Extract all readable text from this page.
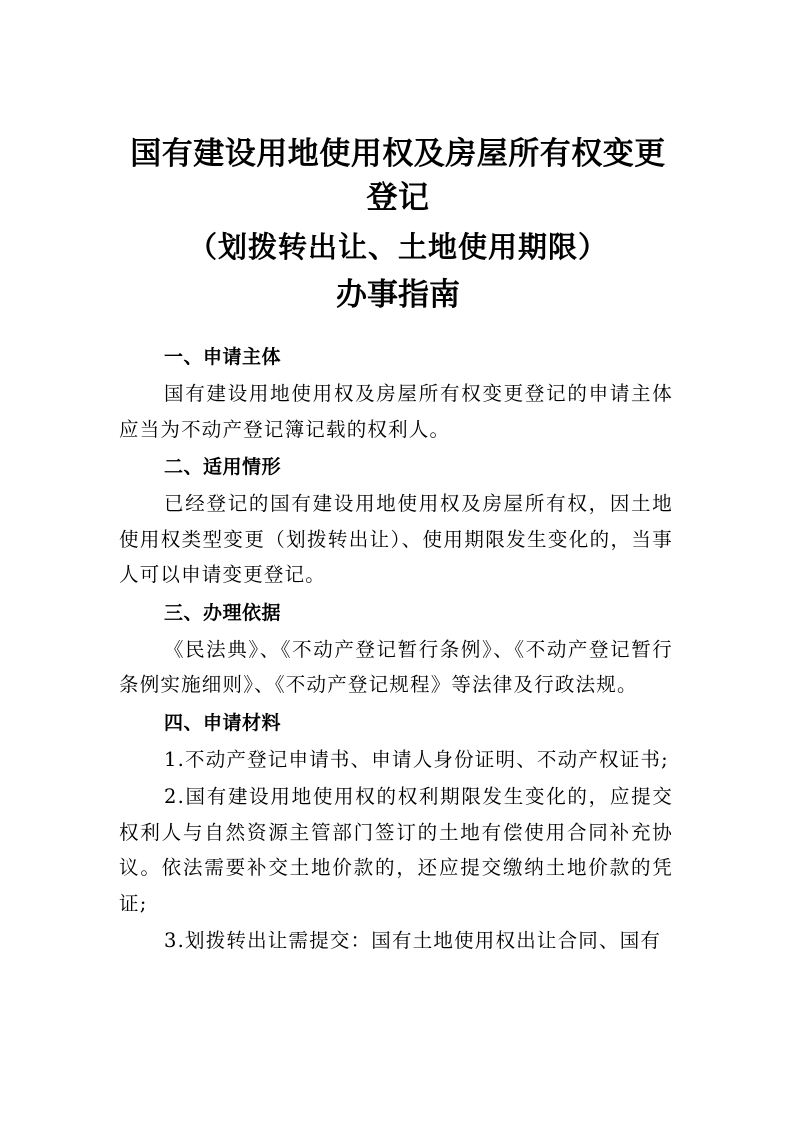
国有建设用地使用权及房屋所有权变更登记
（划拨转出让、土地使用期限）
办事指南
一、申请主体

国有建设用地使用权及房屋所有权变更登记的申请主体应当为不动产登记簿记载的权利人。

二、适用情形

已经登记的国有建设用地使用权及房屋所有权，因土地使用权类型变更（划拨转出让）、使用期限发生变化的，当事人可以申请变更登记。

三、办理依据

《民法典》、《不动产登记暂行条例》、《不动产登记暂行条例实施细则》、《不动产登记规程》等法律及行政法规。

四、申请材料

1.不动产登记申请书、申请人身份证明、不动产权证书;

2.国有建设用地使用权的权利期限发生变化的，应提交权利人与自然资源主管部门签订的土地有偿使用合同补充协议。依法需要补交土地价款的，还应提交缴纳土地价款的凭证;

3.划拨转出让需提交：国有土地使用权出让合同、国有
